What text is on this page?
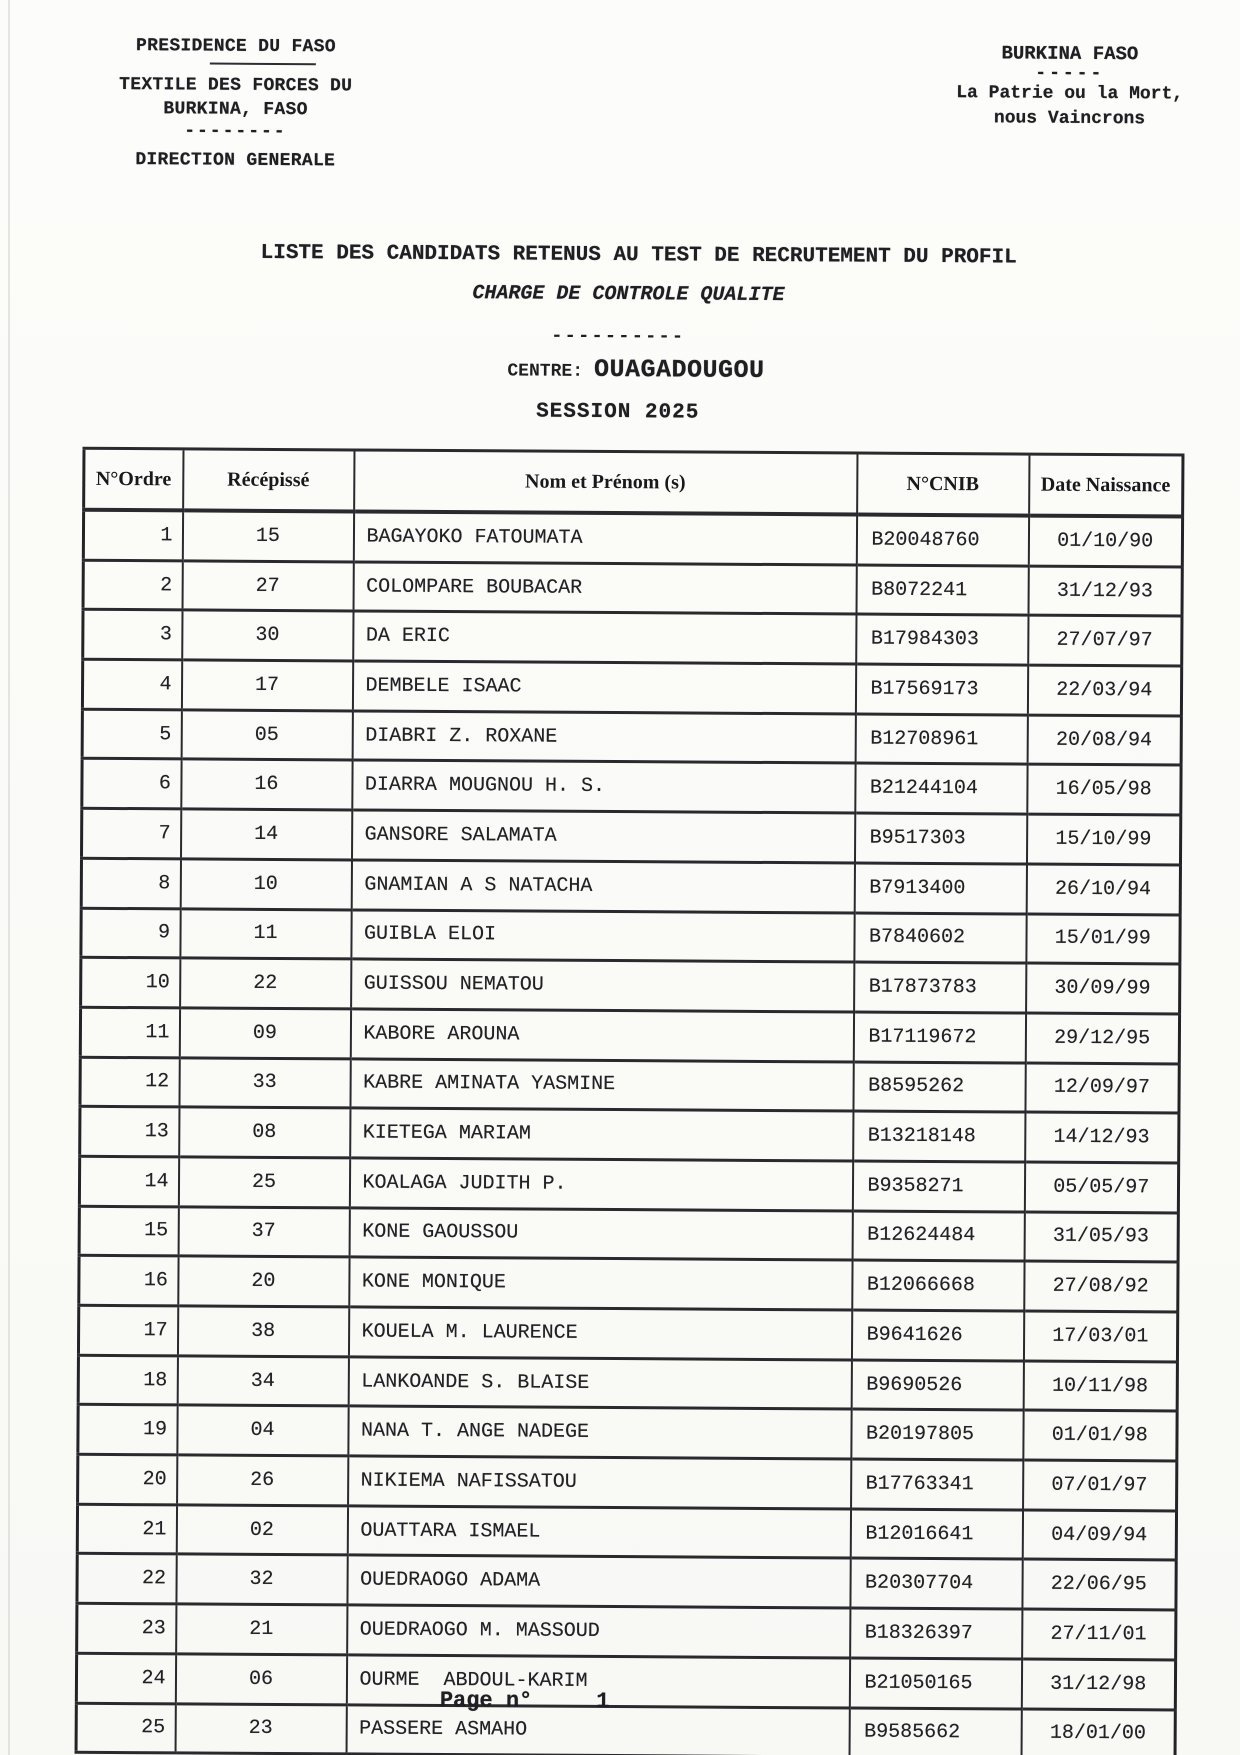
PRESIDENCE DU FASO
TEXTILE DES FORCES DU
BURKINA, FASO
--------
DIRECTION GENERALE
BURKINA FASO
-----
La Patrie ou la Mort,
nous Vaincrons
LISTE DES CANDIDATS RETENUS AU TEST DE RECRUTEMENT DU PROFIL
CHARGE DE CONTROLE QUALITE
----------
CENTRE: OUAGADOUGOU
SESSION 2025
N°Ordre	Récépissé	Nom et Prénom (s)	N°CNIB	Date Naissance
1	15	BAGAYOKO FATOUMATA	B20048760	01/10/90
2	27	COLOMPARE BOUBACAR	B8072241	31/12/93
3	30	DA ERIC	B17984303	27/07/97
4	17	DEMBELE ISAAC	B17569173	22/03/94
5	05	DIABRI Z. ROXANE	B12708961	20/08/94
6	16	DIARRA MOUGNOU H. S.	B21244104	16/05/98
7	14	GANSORE SALAMATA	B9517303	15/10/99
8	10	GNAMIAN A S NATACHA	B7913400	26/10/94
9	11	GUIBLA ELOI	B7840602	15/01/99
10	22	GUISSOU NEMATOU	B17873783	30/09/99
11	09	KABORE AROUNA	B17119672	29/12/95
12	33	KABRE AMINATA YASMINE	B8595262	12/09/97
13	08	KIETEGA MARIAM	B13218148	14/12/93
14	25	KOALAGA JUDITH P.	B9358271	05/05/97
15	37	KONE GAOUSSOU	B12624484	31/05/93
16	20	KONE MONIQUE	B12066668	27/08/92
17	38	KOUELA M. LAURENCE	B9641626	17/03/01
18	34	LANKOANDE S. BLAISE	B9690526	10/11/98
19	04	NANA T. ANGE NADEGE	B20197805	01/01/98
20	26	NIKIEMA NAFISSATOU	B17763341	07/01/97
21	02	OUATTARA ISMAEL	B12016641	04/09/94
22	32	OUEDRAOGO ADAMA	B20307704	22/06/95
23	21	OUEDRAOGO M. MASSOUD	B18326397	27/11/01
24	06	OURME  ABDOUL-KARIM	B21050165	31/12/98
25	23	PASSERE ASMAHO	B9585662	18/01/00
Page n°	1
